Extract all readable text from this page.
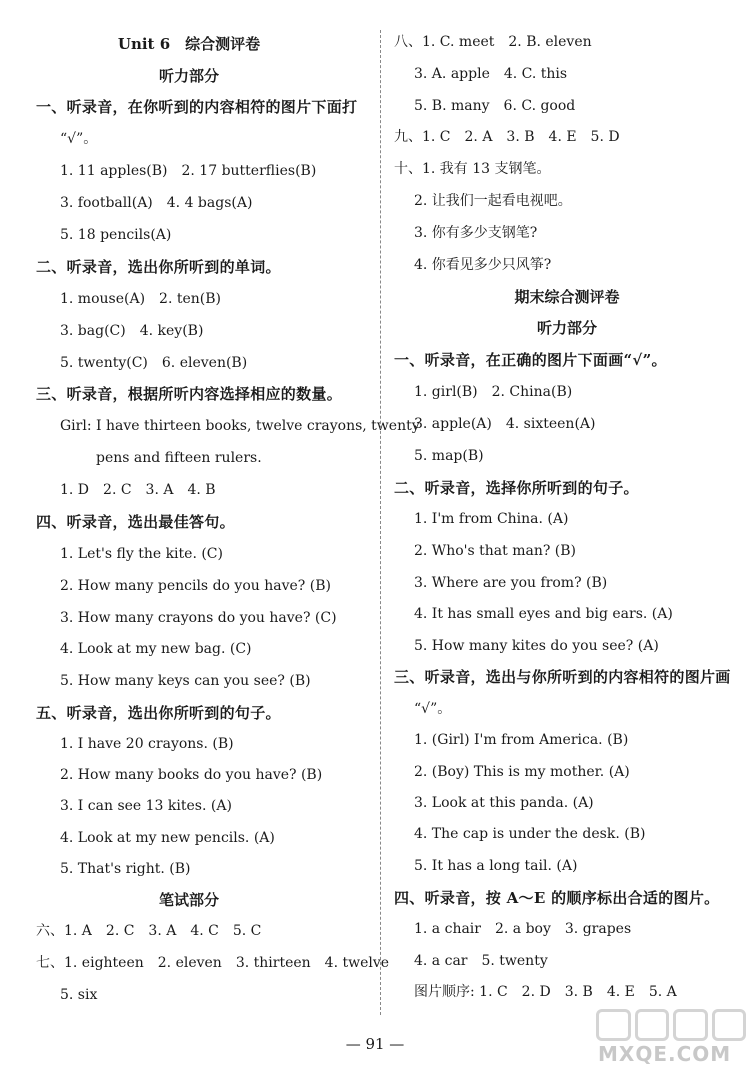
Unit 6　综合测评卷
听力部分
一、听录音，在你听到的内容相符的图片下面打
“√”。
1. 11 apples(B)　2. 17 butterflies(B)
3. football(A)　4. 4 bags(A)
5. 18 pencils(A)
二、听录音，选出你所听到的单词。
1. mouse(A)　2. ten(B)
3. bag(C)　4. key(B)
5. twenty(C)　6. eleven(B)
三、听录音，根据所听内容选择相应的数量。
Girl: I have thirteen books, twelve crayons, twenty
pens and fifteen rulers.
1. D　2. C　3. A　4. B
四、听录音，选出最佳答句。
1. Let's fly the kite. (C)
2. How many pencils do you have? (B)
3. How many crayons do you have? (C)
4. Look at my new bag. (C)
5. How many keys can you see? (B)
五、听录音，选出你所听到的句子。
1. I have 20 crayons. (B)
2. How many books do you have? (B)
3. I can see 13 kites. (A)
4. Look at my new pencils. (A)
5. That's right. (B)
笔试部分
六、1. A　2. C　3. A　4. C　5. C
七、1. eighteen　2. eleven　3. thirteen　4. twelve
5. six
八、1. C. meet　2. B. eleven
3. A. apple　4. C. this
5. B. many　6. C. good
九、1. C　2. A　3. B　4. E　5. D
十、1. 我有 13 支钢笔。
2. 让我们一起看电视吧。
3. 你有多少支钢笔?
4. 你看见多少只风筝?
期末综合测评卷
听力部分
一、听录音，在正确的图片下面画“√”。
1. girl(B)　2. China(B)
3. apple(A)　4. sixteen(A)
5. map(B)
二、听录音，选择你所听到的句子。
1. I'm from China. (A)
2. Who's that man? (B)
3. Where are you from? (B)
4. It has small eyes and big ears. (A)
5. How many kites do you see? (A)
三、听录音，选出与你所听到的内容相符的图片画
“√”。
1. (Girl) I'm from America. (B)
2. (Boy) This is my mother. (A)
3. Look at this panda. (A)
4. The cap is under the desk. (B)
5. It has a long tail. (A)
四、听录音，按 A～E 的顺序标出合适的图片。
1. a chair　2. a boy　3. grapes
4. a car　5. twenty
图片顺序: 1. C　2. D　3. B　4. E　5. A
— 91 —	MXQE.COM
